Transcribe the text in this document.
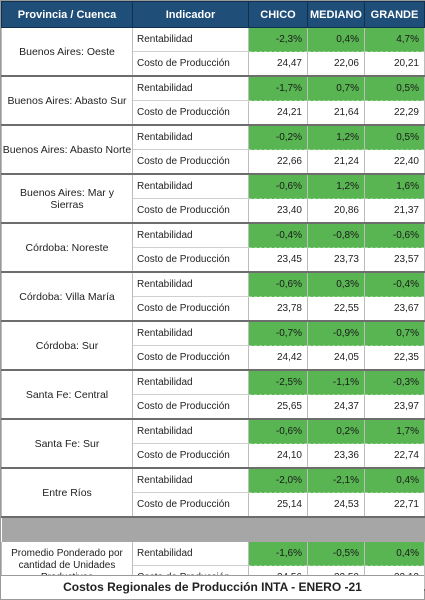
Provincia / Cuenca	Indicador	CHICO	MEDIANO	GRANDE
Buenos Aires: Oeste	Rentabilidad	-2,3%	0,4%	4,7%
	Costo de Producción	24,47	22,06	20,21
Buenos Aires: Abasto Sur	Rentabilidad	-1,7%	0,7%	0,5%
	Costo de Producción	24,21	21,64	22,29
Buenos Aires: Abasto Norte	Rentabilidad	-0,2%	1,2%	0,5%
	Costo de Producción	22,66	21,24	22,40
Buenos Aires: Mar y Sierras	Rentabilidad	-0,6%	1,2%	1,6%
	Costo de Producción	23,40	20,86	21,37
Córdoba: Noreste	Rentabilidad	-0,4%	-0,8%	-0,6%
	Costo de Producción	23,45	23,73	23,57
Córdoba: Villa María	Rentabilidad	-0,6%	0,3%	-0,4%
	Costo de Producción	23,78	22,55	23,67
Córdoba: Sur	Rentabilidad	-0,7%	-0,9%	0,7%
	Costo de Producción	24,42	24,05	22,35
Santa Fe: Central	Rentabilidad	-2,5%	-1,1%	-0,3%
	Costo de Producción	25,65	24,37	23,97
Santa Fe: Sur	Rentabilidad	-0,6%	0,2%	1,7%
	Costo de Producción	24,10	23,36	22,74
Entre Ríos	Rentabilidad	-2,0%	-2,1%	0,4%
	Costo de Producción	25,14	24,53	22,71

Promedio Ponderado por
cantidad de Unidades	Rentabilidad	-1,6%	-0,5%	0,4%

Costos Regionales de Producción INTA - ENERO -21
